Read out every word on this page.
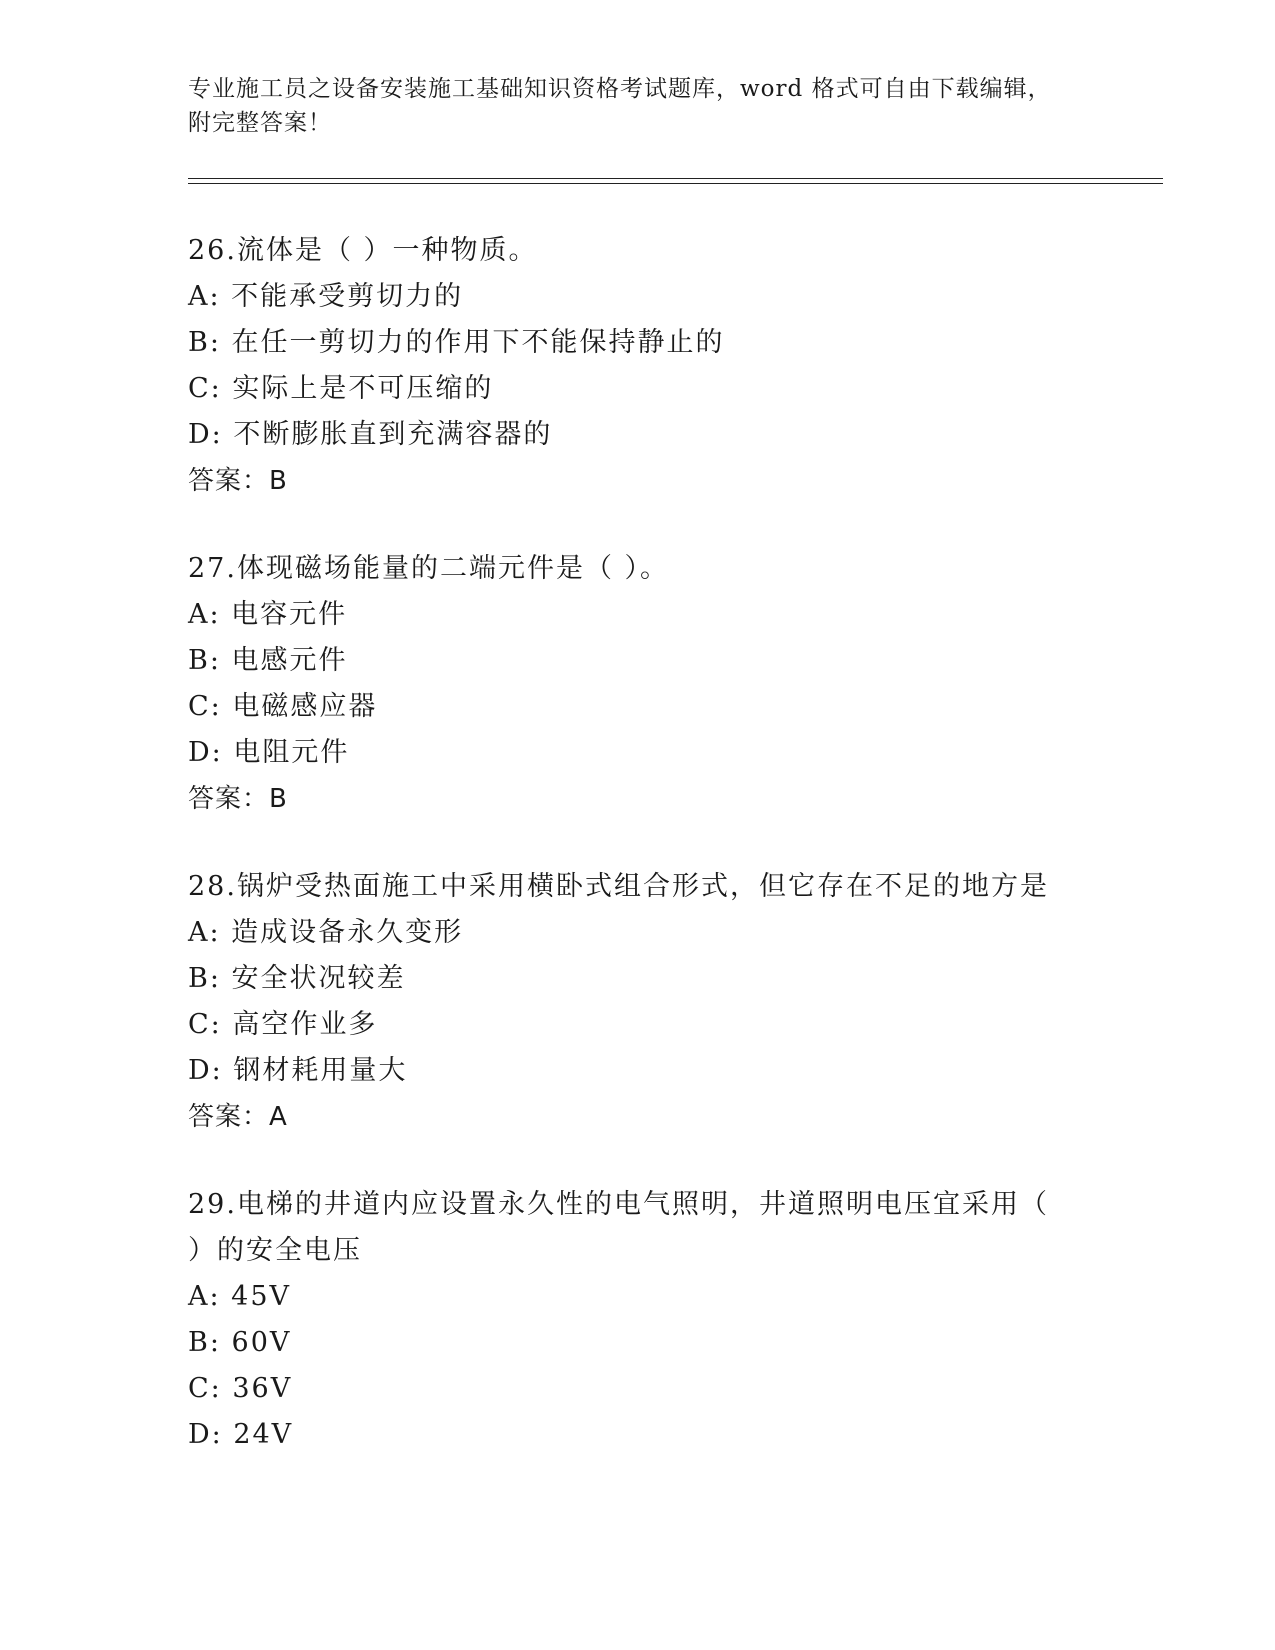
专业施工员之设备安装施工基础知识资格考试题库，word 格式可自由下载编辑，
附完整答案！

26.流体是（ ）一种物质。

A: 不能承受剪切力的

B: 在任一剪切力的作用下不能保持静止的

C: 实际上是不可压缩的

D: 不断膨胀直到充满容器的

答案：B

27.体现磁场能量的二端元件是（ ）。

A: 电容元件

B: 电感元件

C: 电磁感应器

D: 电阻元件

答案：B

28.锅炉受热面施工中采用横卧式组合形式，但它存在不足的地方是

A: 造成设备永久变形

B: 安全状况较差

C: 高空作业多

D: 钢材耗用量大

答案：A

29.电梯的井道内应设置永久性的电气照明，井道照明电压宜采用（

）的安全电压

A: 45V

B: 60V

C: 36V

D: 24V
